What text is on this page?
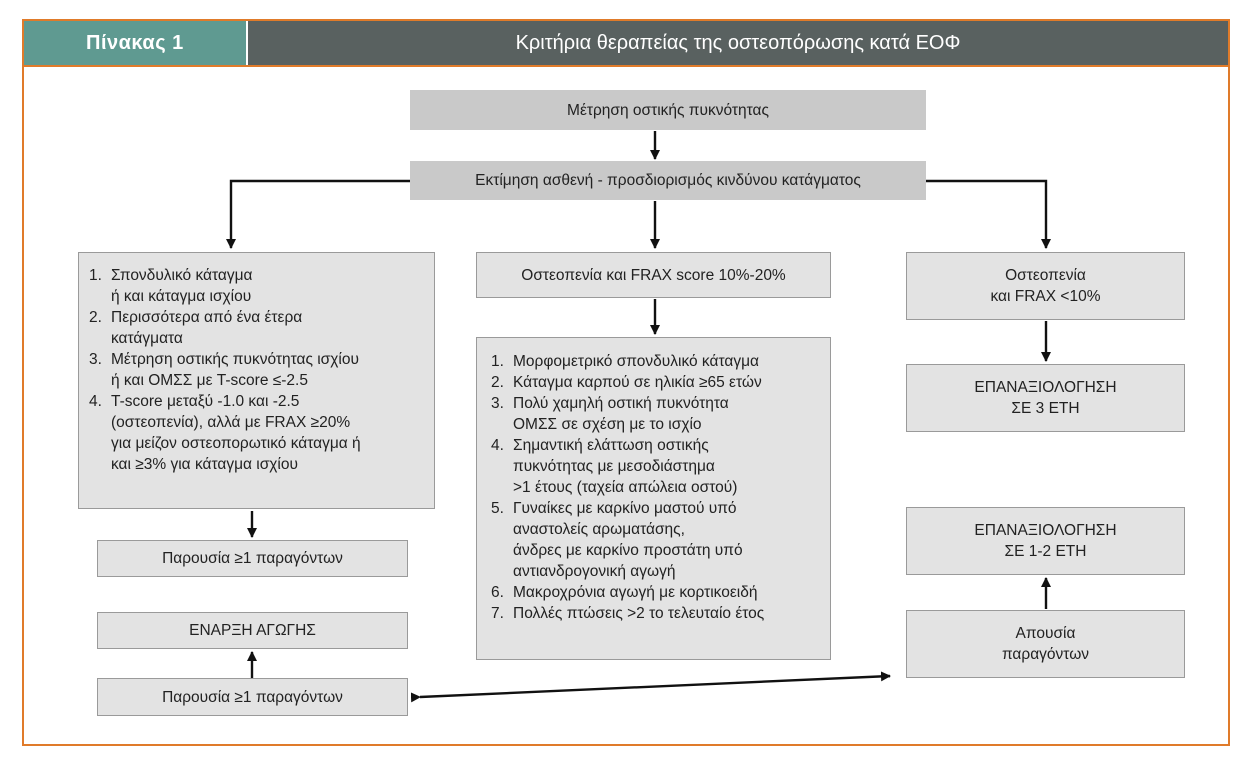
Πίνακας 1	Κριτήρια θεραπείας της οστεοπόρωσης κατά ΕΟΦ
Μέτρηση οστικής πυκνότητας
Εκτίμηση ασθενή - προσδιορισμός κινδύνου κατάγματος
1. Σπονδυλικό κάταγμα
ή και κάταγμα ισχίου
2. Περισσότερα από ένα έτερα
κατάγματα
3. Μέτρηση οστικής πυκνότητας ισχίου
ή και ΟΜΣΣ με T-score ≤-2.5
4. T-score μεταξύ -1.0 και -2.5
(οστεοπενία), αλλά με FRAX ≥20%
για μείζον οστεοπορωτικό κάταγμα ή
και ≥3% για κάταγμα ισχίου
Παρουσία ≥1 παραγόντων
ΕΝΑΡΞΗ ΑΓΩΓΗΣ
Παρουσία ≥1 παραγόντων
Οστεοπενία και FRAX score 10%-20%
1. Μορφομετρικό σπονδυλικό κάταγμα
2. Κάταγμα καρπού σε ηλικία ≥65 ετών
3. Πολύ χαμηλή οστική πυκνότητα
ΟΜΣΣ σε σχέση με το ισχίο
4. Σημαντική ελάττωση οστικής
πυκνότητας με μεσοδιάστημα
>1 έτους (ταχεία απώλεια οστού)
5. Γυναίκες με καρκίνο μαστού υπό
αναστολείς αρωματάσης,
άνδρες με καρκίνο προστάτη υπό
αντιανδρογονική αγωγή
6. Μακροχρόνια αγωγή με κορτικοειδή
7. Πολλές πτώσεις >2 το τελευταίο έτος
Οστεοπενία
και FRAX <10%
ΕΠΑΝΑΞΙΟΛΟΓΗΣΗ
ΣΕ 3 ΕΤΗ
ΕΠΑΝΑΞΙΟΛΟΓΗΣΗ
ΣΕ 1-2 ΕΤΗ
Απουσία
παραγόντων
